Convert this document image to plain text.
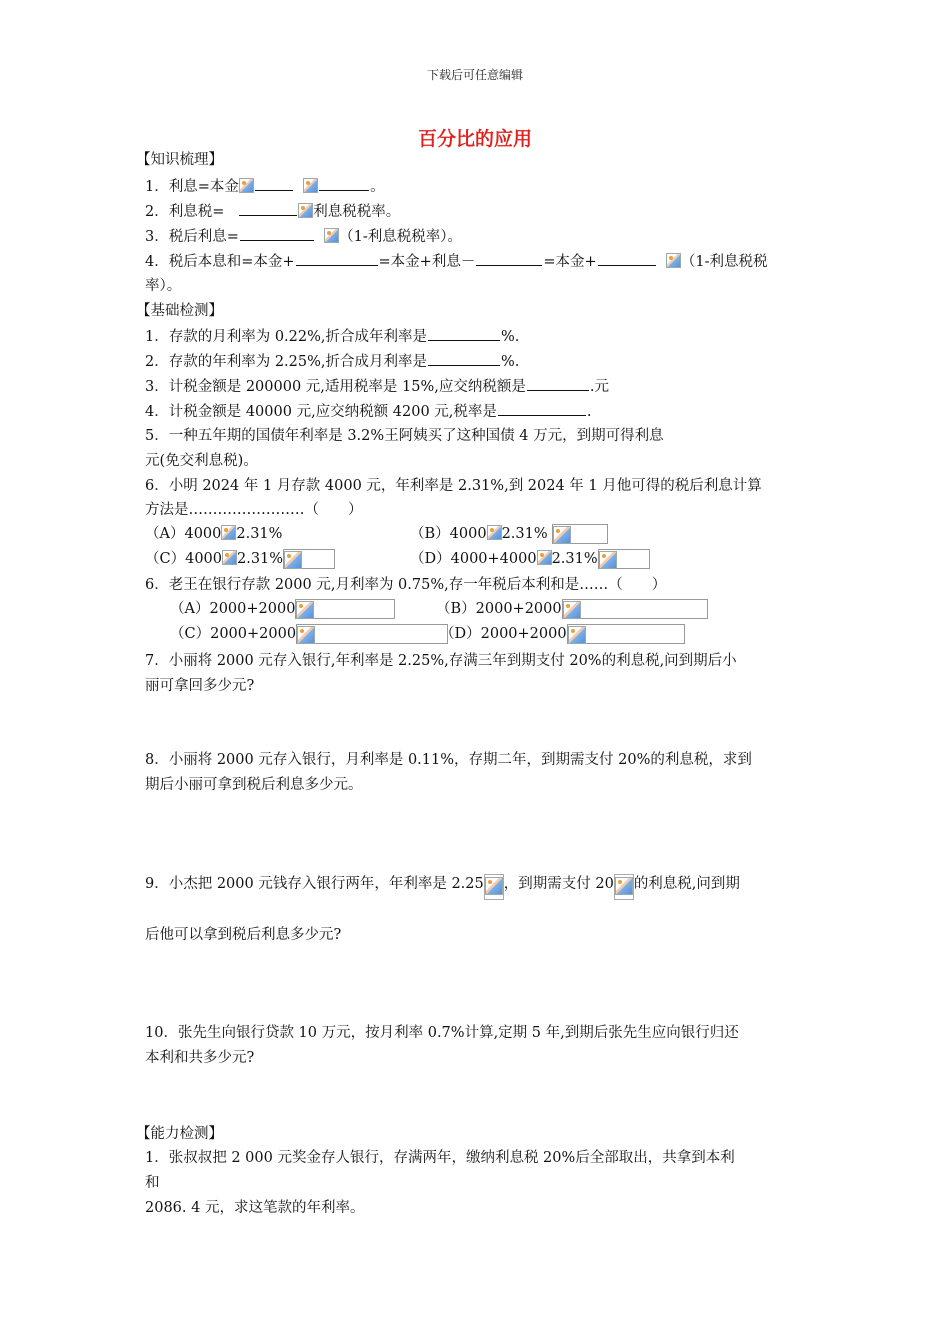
下载后可任意编辑
百分比的应用
【知识梳理】
1．利息=本金	。
2．利息税=	利息税税率。
3．税后利息=	（1-利息税税率）。
4．税后本息和=本金+	=本金+利息－	=本金+	（1-利息税税
率）。
【基础检测】
1．存款的月利率为 0.22%,折合成年利率是	%.
2．存款的年利率为 2.25%,折合成月利率是	%.
3．计税金额是 200000 元,适用税率是 15%,应交纳税额是	.元
4．计税金额是 40000 元,应交纳税额 4200 元,税率是	.
5．一种五年期的国债年利率是 3.2%王阿姨买了这种国债 4 万元，到期可得利息
元(免交利息税)。
6．小明 2024 年 1 月存款 4000 元，年利率是 2.31%,到 2024 年 1 月他可得的税后利息计算
方法是……………………（　　）
（A）4000 2.31%	（B）4000 2.31%
（C）4000 2.31%	（D）4000+4000 2.31%
6．老王在银行存款 2000 元,月利率为 0.75%,存一年税后本利和是……（　　）
（A）2000+2000	（B）2000+2000
（C）2000+2000	（D）2000+2000
7．小丽将 2000 元存入银行,年利率是 2.25%,存满三年到期支付 20%的利息税,问到期后小
丽可拿回多少元?
8．小丽将 2000 元存入银行，月利率是 0.11%，存期二年，到期需支付 20%的利息税，求到
期后小丽可拿到税后利息多少元。
9．小杰把 2000 元钱存入银行两年，年利率是 2.25 ，到期需支付 20 的利息税,问到期
后他可以拿到税后利息多少元?
10．张先生向银行贷款 10 万元，按月利率 0.7%计算,定期 5 年,到期后张先生应向银行归还
本利和共多少元?
【能力检测】
1．张叔叔把 2 000 元奖金存人银行，存满两年，缴纳利息税 20%后全部取出，共拿到本利
和
2086. 4 元，求这笔款的年利率。
